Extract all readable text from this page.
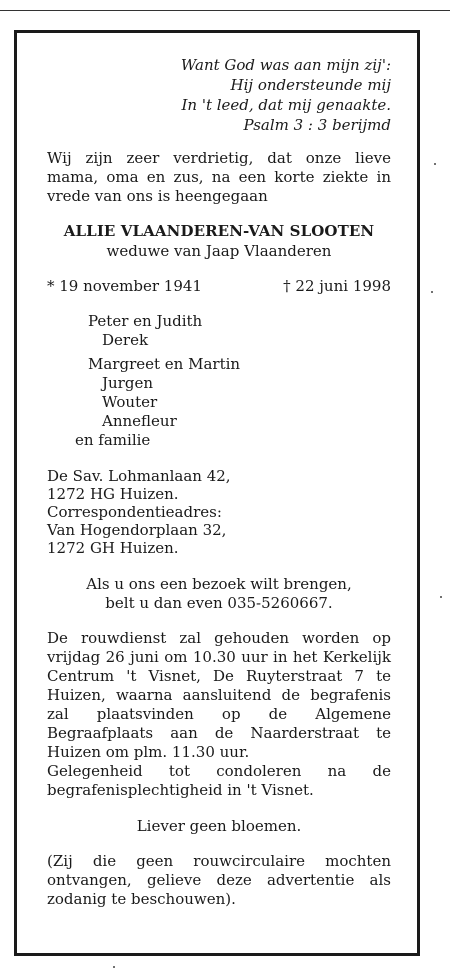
Want God was aan mijn zij':
Hij ondersteunde mij
In 't leed, dat mij genaakte.
Psalm 3 : 3 berijmd
Wij zijn zeer verdrietig, dat onze lieve mama, oma en zus, na een korte ziekte in vrede van ons is heengegaan
ALLIE VLAANDEREN-VAN SLOOTEN
weduwe van Jaap Vlaanderen
* 19 november 1941	† 22 juni 1998
Peter en Judith
Derek
Margreet en Martin
Jurgen
Wouter
Annefleur
en familie
De Sav. Lohmanlaan 42,
1272 HG Huizen.
Correspondentieadres:
Van Hogendorplaan 32,
1272 GH Huizen.
Als u ons een bezoek wilt brengen,
belt u dan even 035-5260667.
De rouwdienst zal gehouden worden op vrijdag 26 juni om 10.30 uur in het Kerkelijk Centrum 't Visnet, De Ruyterstraat 7 te Huizen, waarna aansluitend de begrafenis zal plaatsvinden op de Algemene Begraafplaats aan de Naarderstraat te Huizen om plm. 11.30 uur.
Gelegenheid tot condoleren na de begrafenisplechtigheid in 't Visnet.
Liever geen bloemen.
(Zij die geen rouwcirculaire mochten ontvangen, gelieve deze advertentie als zodanig te beschouwen).
